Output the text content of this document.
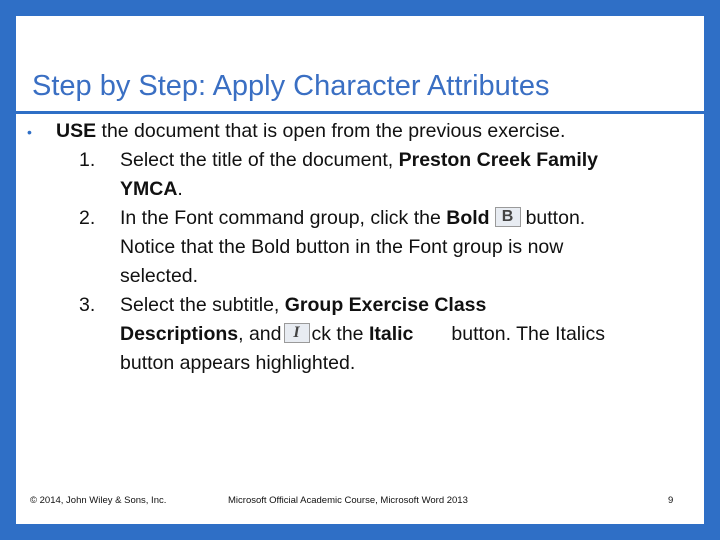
Step by Step: Apply Character Attributes
• USE the document that is open from the previous exercise.
1.	Select the title of the document, Preston Creek Family
YMCA.
2.	In the Font command group, click the Bold B button.
Notice that the Bold button in the Font group is now
selected.
3.	Select the subtitle, Group Exercise Class
Descriptions, and I ck the Italic button. The Italics
button appears highlighted.
© 2014, John Wiley & Sons, Inc.	Microsoft Official Academic Course, Microsoft Word 2013	9
